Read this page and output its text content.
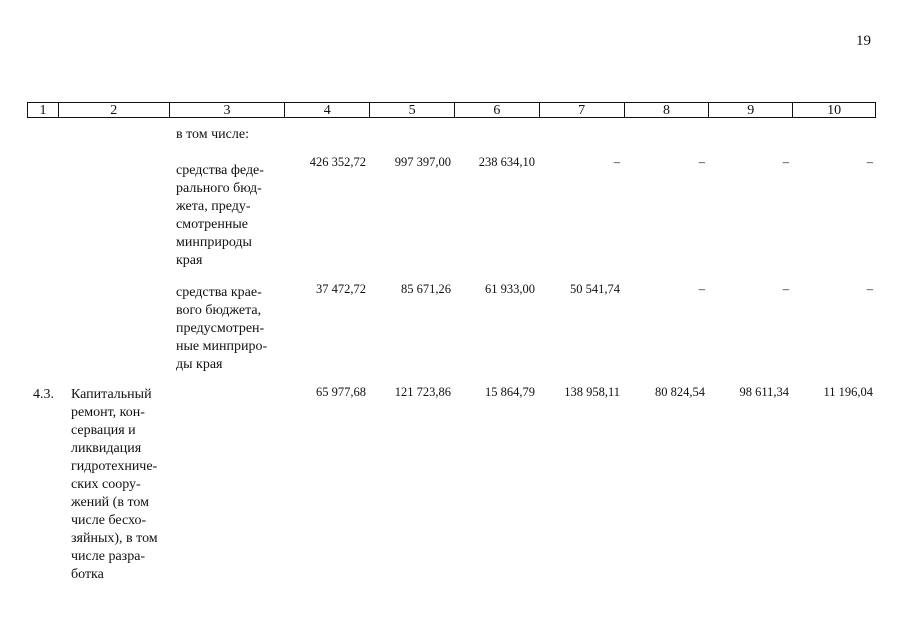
19
1	2	3	4	5	6	7	8	9	10
в том числе:
средства феде-
рального бюд-
жета, преду-
смотренные
минприроды
края
426 352,72	997 397,00	238 634,10	–	–	–	–
средства крае-
вого бюджета,
предусмотрен-
ные минприро-
ды края
37 472,72	85 671,26	61 933,00	50 541,74	–	–	–
4.3. Капитальный
ремонт, кон-
сервация и
ликвидация
гидротехниче-
ских соору-
жений (в том
числе бесхо-
зяйных), в том
числе разра-
ботка
65 977,68	121 723,86	15 864,79	138 958,11	80 824,54	98 611,34	11 196,04
